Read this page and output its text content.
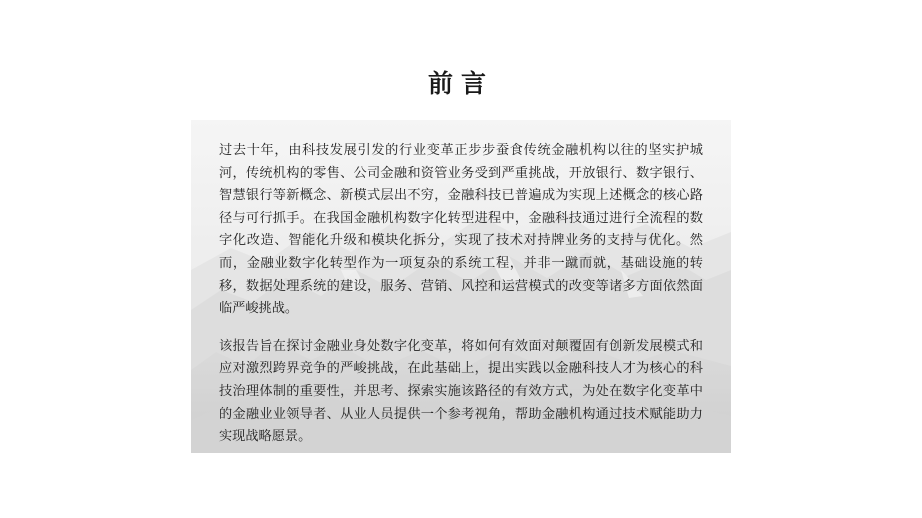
前言

过去十年，由科技发展引发的行业变革正步步蚕食传统金融机构以往的坚实护城河，传统机构的零售、公司金融和资管业务受到严重挑战，开放银行、数字银行、智慧银行等新概念、新模式层出不穷，金融科技已普遍成为实现上述概念的核心路径与可行抓手。在我国金融机构数字化转型进程中，金融科技通过进行全流程的数字化改造、智能化升级和模块化拆分，实现了技术对持牌业务的支持与优化。然而，金融业数字化转型作为一项复杂的系统工程，并非一蹴而就，基础设施的转移，数据处理系统的建设，服务、营销、风控和运营模式的改变等诸多方面依然面临严峻挑战。

该报告旨在探讨金融业身处数字化变革，将如何有效面对颠覆固有创新发展模式和应对激烈跨界竞争的严峻挑战，在此基础上，提出实践以金融科技人才为核心的科技治理体制的重要性，并思考、探索实施该路径的有效方式，为处在数字化变革中的金融业业领导者、从业人员提供一个参考视角，帮助金融机构通过技术赋能助力实现战略愿景。
